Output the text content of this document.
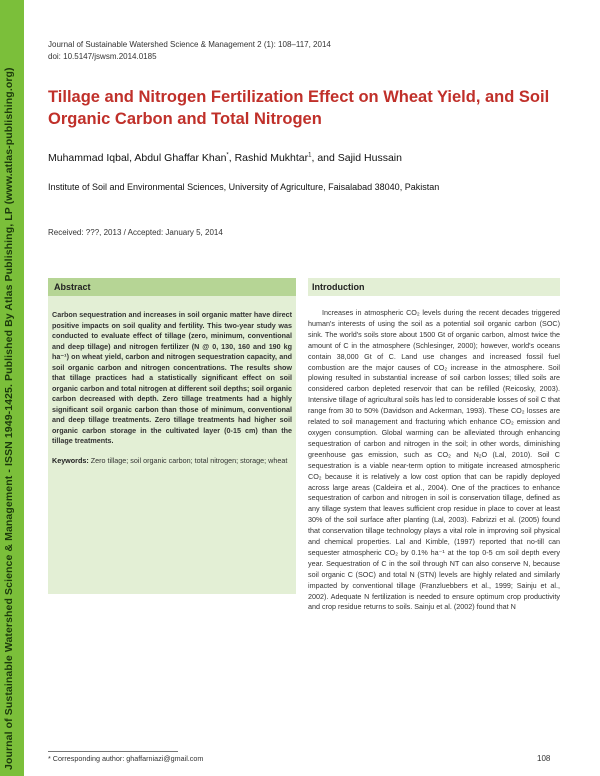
Journal of Sustainable Watershed Science & Management - ISSN 1949-1425. Published By Atlas Publishing, LP (www.atlas-publishing.org)
Journal of Sustainable Watershed Science & Management 2 (1): 108–117, 2014
doi: 10.5147/jswsm.2014.0185
Tillage and Nitrogen Fertilization Effect on Wheat Yield, and Soil Organic Carbon and Total Nitrogen
Muhammad Iqbal, Abdul Ghaffar Khan*, Rashid Mukhtar$^1$, and Sajid Hussain
Institute of Soil and Environmental Sciences, University of Agriculture, Faisalabad 38040, Pakistan
Received: ???, 2013 / Accepted: January 5, 2014
Abstract
Carbon sequestration and increases in soil organic matter have direct positive impacts on soil quality and fertility. This two-year study was conducted to evaluate effect of tillage (zero, minimum, conventional and deep tillage) and nitrogen fertilizer (N @ 0, 130, 160 and 190 kg ha⁻¹) on wheat yield, carbon and nitrogen sequestration capacity, and soil organic carbon and nitrogen concentrations. The results show that tillage practices had a statistically significant effect on soil organic carbon and total nitrogen at different soil depths; soil organic carbon decreased with depth. Zero tillage treatments had a highly significant soil organic carbon than those of minimum, conventional and deep tillage treatments. Zero tillage treatments had higher soil organic carbon storage in the cultivated layer (0-15 cm) than the tillage treatments.
Keywords: Zero tillage; soil organic carbon; total nitrogen; storage; wheat
Introduction
Increases in atmospheric CO₂ levels during the recent decades triggered human's interests of using the soil as a potential soil organic carbon (SOC) sink. The world's soils store about 1500 Gt of organic carbon, almost twice the amount of C in the atmosphere (Schlesinger, 2000); however, world's oceans contain 38,000 Gt of C. Land use changes and increased fossil fuel combustion are the major causes of CO₂ increase in the atmosphere. Soil plowing resulted in substantial increase of soil carbon losses; tilled soils are considered carbon depleted reservoir that can be refilled (Reicosky, 2003). Intensive tillage of agricultural soils has led to considerable losses of soil C that range from 30 to 50% (Davidson and Ackerman, 1993). These CO₂ losses are related to soil management and fracturing which enhance CO₂ emission and oxygen consumption. Global warming can be alleviated through enhancing sequestration of carbon and nitrogen in the soil; in other words, diminishing greenhouse gas emission, such as CO₂ and N₂O (Lal, 2010). Soil C sequestration is a viable near-term option to mitigate increased atmospheric CO₂ because it is relatively a low cost option that can be rapidly deployed across large areas (Caldeira et al., 2004). One of the practices to enhance sequestration of carbon and nitrogen in soil is conservation tillage, defined as any tillage system that leaves sufficient crop residue in place to cover at least 30% of the soil surface after planting (Lal, 2003). Fabrizzi et al. (2005) found that conservation tillage technology plays a vital role in improving soil physical and chemical properties. Lal and Kimble, (1997) reported that no-till can sequester atmospheric CO₂ by 0.1% ha⁻¹ at the top 0-5 cm soil depth every year. Sequestration of C in the soil through NT can also conserve N, because soil organic C (SOC) and total N (STN) levels are highly related and similarly impacted by conventional tillage (Franzluebbers et al., 1999; Sainju et al., 2002). Adequate N fertilization is needed to ensure optimum crop productivity and crop residue returns to soils. Sainju et al. (2002) found that N
* Corresponding author: ghaffarniazi@gmail.com	108
